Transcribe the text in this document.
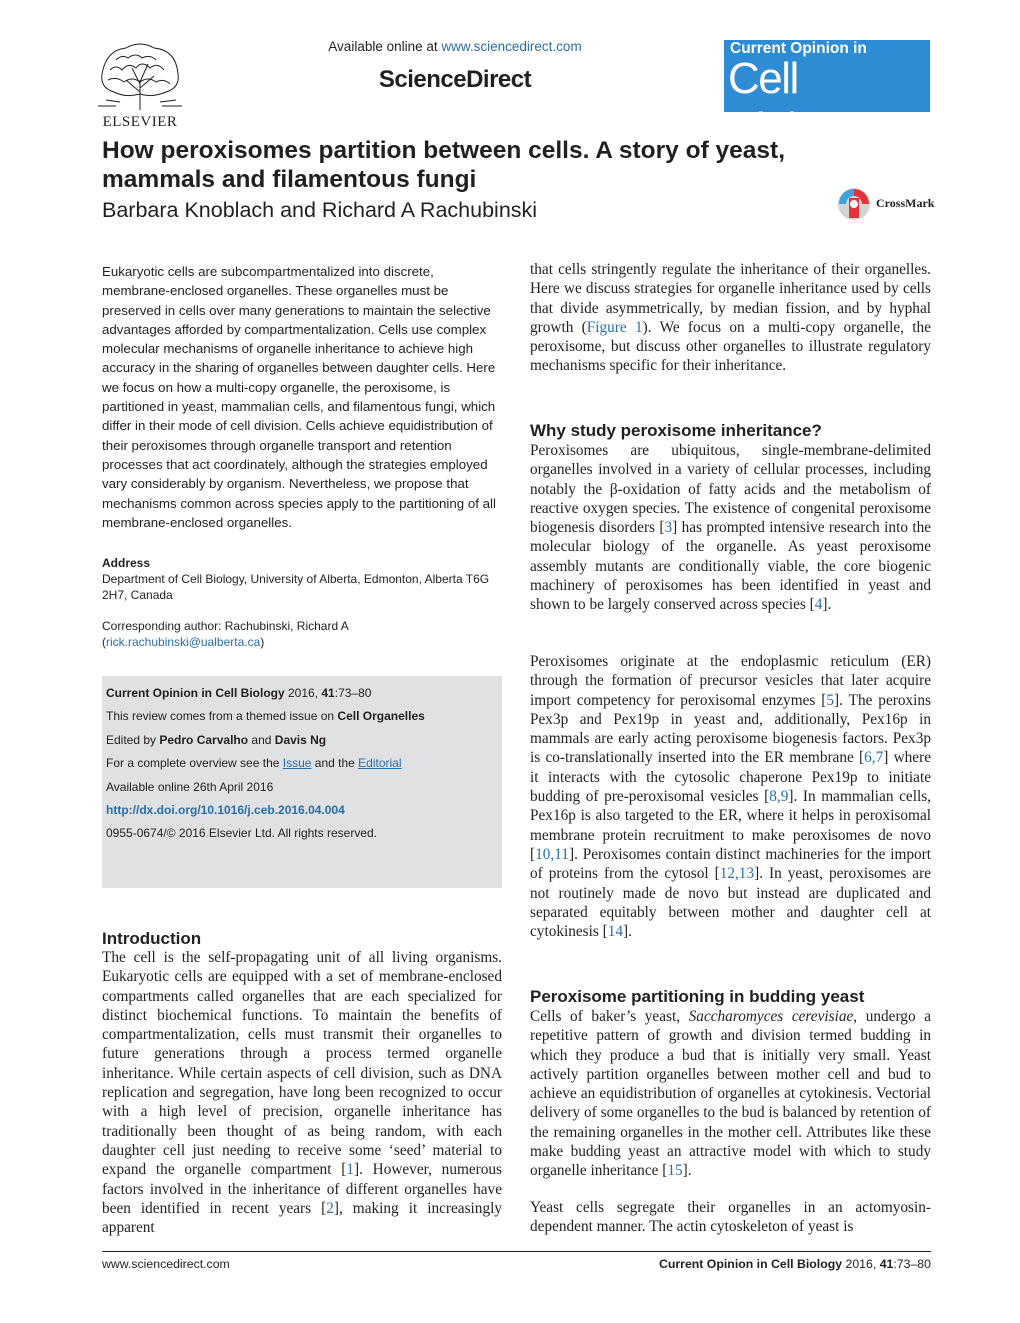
ELSEVIER
Available online at www.sciencedirect.com
ScienceDirect
Current Opinion in
Cell Biology
How peroxisomes partition between cells. A story of yeast, mammals and filamentous fungi
Barbara Knoblach and Richard A Rachubinski	CrossMark
Eukaryotic cells are subcompartmentalized into discrete, membrane-enclosed organelles. These organelles must be preserved in cells over many generations to maintain the selective advantages afforded by compartmentalization. Cells use complex molecular mechanisms of organelle inheritance to achieve high accuracy in the sharing of organelles between daughter cells. Here we focus on how a multi-copy organelle, the peroxisome, is partitioned in yeast, mammalian cells, and filamentous fungi, which differ in their mode of cell division. Cells achieve equidistribution of their peroxisomes through organelle transport and retention processes that act coordinately, although the strategies employed vary considerably by organism. Nevertheless, we propose that mechanisms common across species apply to the partitioning of all membrane-enclosed organelles.
Address
Department of Cell Biology, University of Alberta, Edmonton, Alberta T6G 2H7, Canada
Corresponding author: Rachubinski, Richard A
(rick.rachubinski@ualberta.ca)
Current Opinion in Cell Biology 2016, 41:73–80
This review comes from a themed issue on Cell Organelles
Edited by Pedro Carvalho and Davis Ng
For a complete overview see the Issue and the Editorial
Available online 26th April 2016
http://dx.doi.org/10.1016/j.ceb.2016.04.004
0955-0674/© 2016 Elsevier Ltd. All rights reserved.
Introduction
The cell is the self-propagating unit of all living organisms. Eukaryotic cells are equipped with a set of membrane-enclosed compartments called organelles that are each specialized for distinct biochemical functions. To maintain the benefits of compartmentalization, cells must transmit their organelles to future generations through a process termed organelle inheritance. While certain aspects of cell division, such as DNA replication and segregation, have long been recognized to occur with a high level of precision, organelle inheritance has traditionally been thought of as being random, with each daughter cell just needing to receive some ‘seed’ material to expand the organelle compartment [1]. However, numerous factors involved in the inheritance of different organelles have been identified in recent years [2], making it increasingly apparent
that cells stringently regulate the inheritance of their organelles. Here we discuss strategies for organelle inheritance used by cells that divide asymmetrically, by median fission, and by hyphal growth (Figure 1). We focus on a multi-copy organelle, the peroxisome, but discuss other organelles to illustrate regulatory mechanisms specific for their inheritance.
Why study peroxisome inheritance?
Peroxisomes are ubiquitous, single-membrane-delimited organelles involved in a variety of cellular processes, including notably the β-oxidation of fatty acids and the metabolism of reactive oxygen species. The existence of congenital peroxisome biogenesis disorders [3] has prompted intensive research into the molecular biology of the organelle. As yeast peroxisome assembly mutants are conditionally viable, the core biogenic machinery of peroxisomes has been identified in yeast and shown to be largely conserved across species [4].
Peroxisomes originate at the endoplasmic reticulum (ER) through the formation of precursor vesicles that later acquire import competency for peroxisomal enzymes [5]. The peroxins Pex3p and Pex19p in yeast and, additionally, Pex16p in mammals are early acting peroxisome biogenesis factors. Pex3p is co-translationally inserted into the ER membrane [6,7] where it interacts with the cytosolic chaperone Pex19p to initiate budding of pre-peroxisomal vesicles [8,9]. In mammalian cells, Pex16p is also targeted to the ER, where it helps in peroxisomal membrane protein recruitment to make peroxisomes de novo [10,11]. Peroxisomes contain distinct machineries for the import of proteins from the cytosol [12,13]. In yeast, peroxisomes are not routinely made de novo but instead are duplicated and separated equitably between mother and daughter cell at cytokinesis [14].
Peroxisome partitioning in budding yeast
Cells of baker’s yeast, Saccharomyces cerevisiae, undergo a repetitive pattern of growth and division termed budding in which they produce a bud that is initially very small. Yeast actively partition organelles between mother cell and bud to achieve an equidistribution of organelles at cytokinesis. Vectorial delivery of some organelles to the bud is balanced by retention of the remaining organelles in the mother cell. Attributes like these make budding yeast an attractive model with which to study organelle inheritance [15].
Yeast cells segregate their organelles in an actomyosin-dependent manner. The actin cytoskeleton of yeast is
www.sciencedirect.com	Current Opinion in Cell Biology 2016, 41:73–80
